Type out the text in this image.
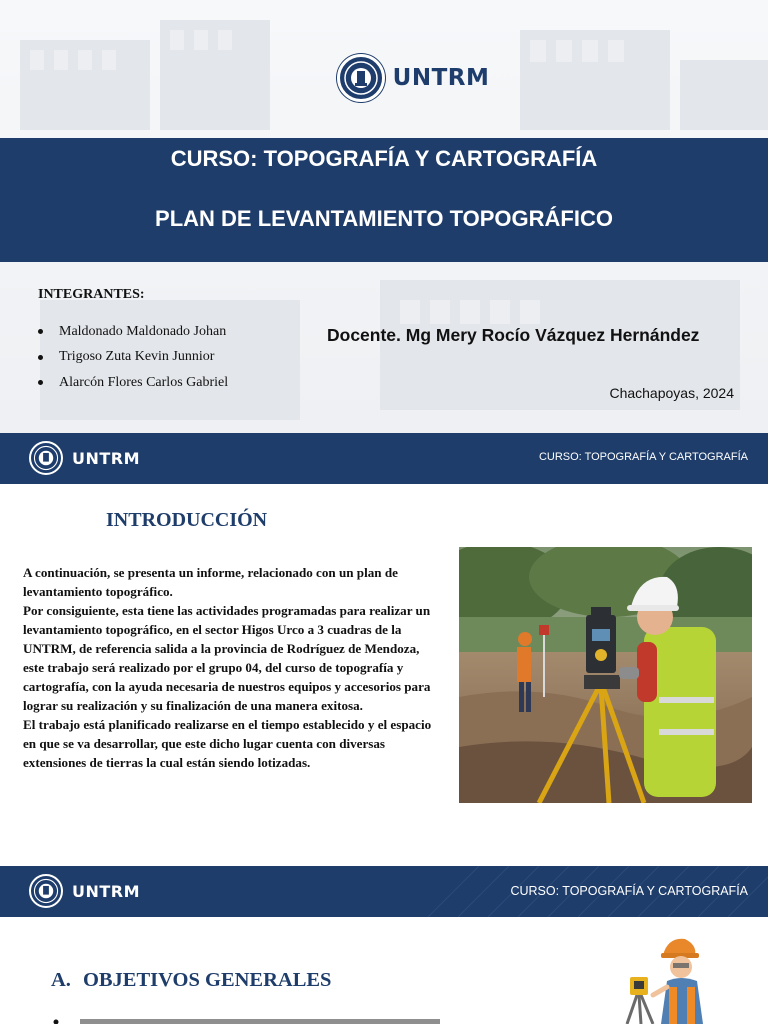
UNTRM
CURSO: TOPOGRAFÍA Y CARTOGRAFÍA
PLAN DE LEVANTAMIENTO TOPOGRÁFICO
INTEGRANTES:
Maldonado Maldonado Johan
Trigoso Zuta Kevin Junnior
Alarcón Flores Carlos Gabriel
Docente. Mg Mery Rocío Vázquez Hernández
Chachapoyas, 2024
UNTRM	CURSO: TOPOGRAFÍA Y CARTOGRAFÍA
INTRODUCCIÓN

A continuación, se presenta un informe, relacionado con un plan de levantamiento topográfico.

Por consiguiente, esta tiene las actividades programadas para realizar un levantamiento topográfico, en el sector Higos Urco a 3 cuadras de la UNTRM, de referencia salida a la provincia de Rodríguez de Mendoza, este trabajo será realizado por el grupo 04, del curso de topografía y cartografía, con la ayuda necesaria de nuestros equipos y accesorios para lograr su realización y su finalización de una manera exitosa.

El trabajo está planificado realizarse en el tiempo establecido y el espacio en que se va desarrollar, que este dicho lugar cuenta con diversas extensiones de tierras la cual están siendo lotizadas.

UNTRM	CURSO: TOPOGRAFÍA Y CARTOGRAFÍA
A. OBJETIVOS GENERALES
